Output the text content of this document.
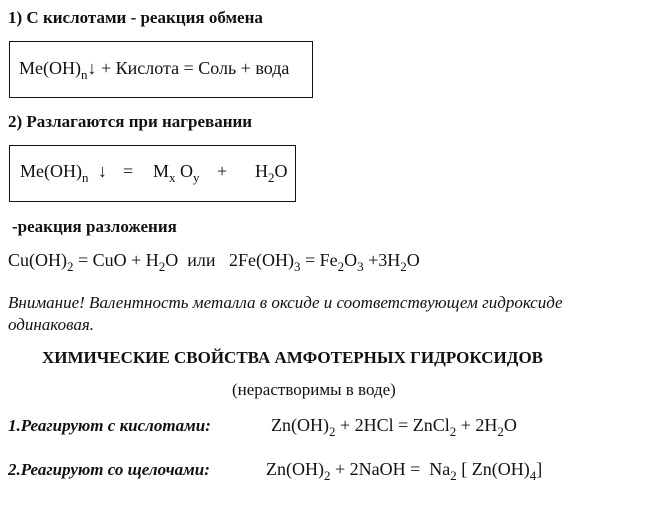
1) С кислотами - реакция обмена
$Me(OH)_n↓$ + Кислота = Соль + вода
2) Разлагаются при нагревании
$Me(OH)_n$ ↓ = $M_x$ $O_y + H_2O$
-реакция разложения
$Cu(OH)_2$ = CuO + $H_2O$  или   $2Fe(OH)_3 = Fe_2O_3 +3H_2O$
Внимание! Валентность металла в оксиде и соответствующем гидроксиде
одинаковая.
ХИМИЧЕСКИЕ СВОЙСТВА АМФОТЕРНЫХ ГИДРОКСИДОВ
(нерастворимы в воде)
1.Реагируют с кислотами:	$Zn(OH)_2 + 2HCl$ = ZnCl$_2$ + $2H_2O$
2.Реагируют со щелочами:	$Zn(OH)_2$ + 2NaOH =  $Na_2$ [ $Zn(OH)_4$]
